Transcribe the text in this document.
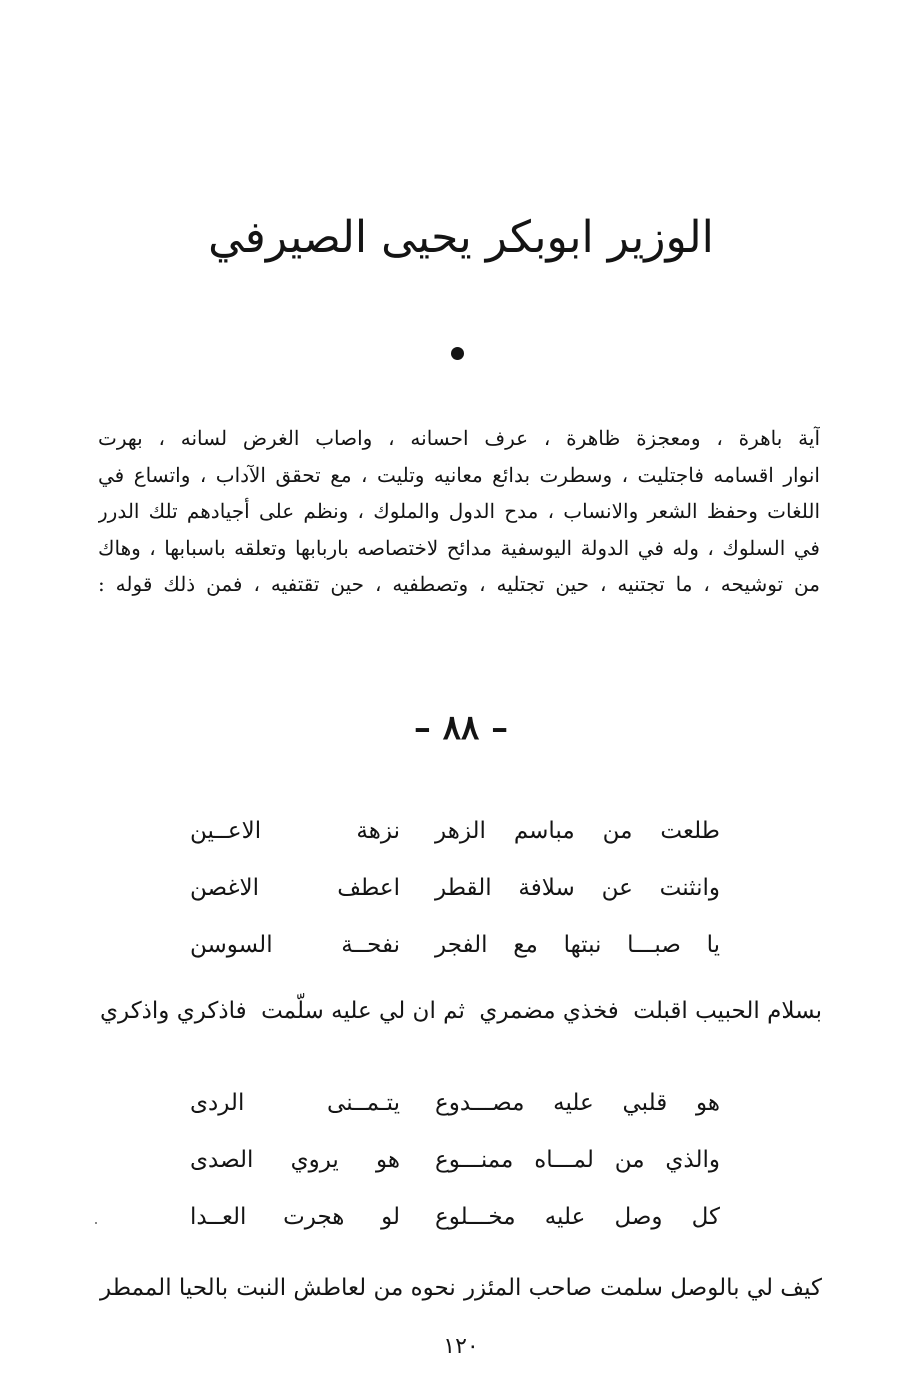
الوزير ابوبكر يحيى الصيرفي
آية باهرة ، ومعجزة ظاهرة ، عرف احسانه ، واصاب الغرض لسانه ، بهرت
انوار اقسامه فاجتليت ، وسطرت بدائع معانيه وتليت ، مع تحقق الآداب ، واتساع في
اللغات وحفظ الشعر والانساب ، مدح الدول والملوك ، ونظم على أجيادهم تلك الدرر
في السلوك ، وله في الدولة اليوسفية مدائح لاختصاصه باربابها وتعلقه باسبابها ، وهاك
من توشيحه ، ما تجتنيه ، حين تجتليه ، وتصطفيه ، حين تقتفيه ، فمن ذلك قوله :
– ٨٨ –
طلعت من مباسم الزهر
نزهة الاعــين
وانثنت عن سلافة القطر
اعطف الاغصن
يا صبـــا نبتها مع الفجر
نفحــة السوسن
بسلام الحبيب اقبلت
فخذي مضمري
ثم ان لي عليه سلّمت
فاذكري واذكري
هو قلبي عليه مصـــدوع
يتـمــنى الردى
والذي من لمـــاه ممنـــوع
هو يروي الصدى
كل وصل عليه مخـــلوع
لو هجرت العــدا
كيف لي بالوصل سلمت
صاحب المئزر
نحوه من لعاطش النبت
بالحيا الممطر
١٢٠
